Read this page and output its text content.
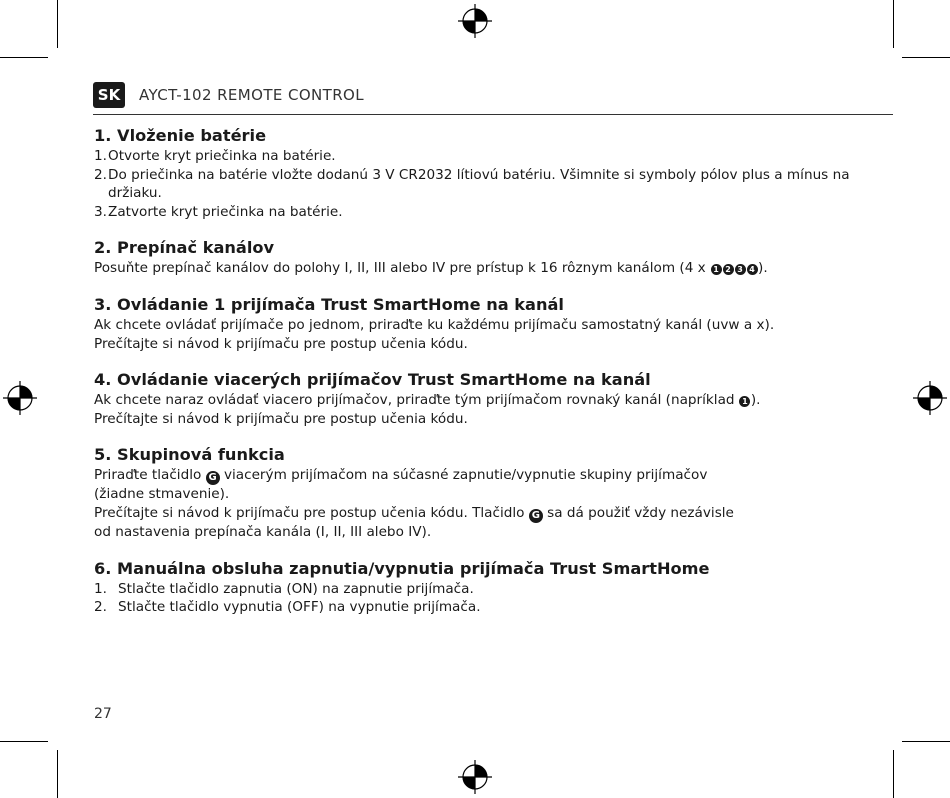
SK	AYCT-102 REMOTE CONTROL
1. Vloženie batérie
1. Otvorte kryt priečinka na batérie.
2. Do priečinka na batérie vložte dodanú 3 V CR2032 lítiovú batériu. Všimnite si symboly pólov plus a mínus na držiaku.
3. Zatvorte kryt priečinka na batérie.
2. Prepínač kanálov

Posuňte prepínač kanálov do polohy I, II, III alebo IV pre prístup k 16 rôznym kanálom (4 x 1 2 3 4 ).

3. Ovládanie 1 prijímača Trust SmartHome na kanál

Ak chcete ovládať prijímače po jednom, priraďte ku každému prijímaču samostatný kanál (uvw a x).

Prečítajte si návod k prijímaču pre postup učenia kódu.

4. Ovládanie viacerých prijímačov Trust SmartHome na kanál

Ak chcete naraz ovládať viacero prijímačov, priraďte tým prijímačom rovnaký kanál (napríklad 1 ).

Prečítajte si návod k prijímaču pre postup učenia kódu.

5. Skupinová funkcia

Priraďte tlačidlo G viacerým prijímačom na súčasné zapnutie/vypnutie skupiny prijímačov

(žiadne stmavenie).

Prečítajte si návod k prijímaču pre postup učenia kódu. Tlačidlo G sa dá použiť vždy nezávisle

od nastavenia prepínača kanála (I, II, III alebo IV).

6. Manuálna obsluha zapnutia/vypnutia prijímača Trust SmartHome
1. Stlačte tlačidlo zapnutia (ON) na zapnutie prijímača.
2. Stlačte tlačidlo vypnutia (OFF) na vypnutie prijímača.
27
